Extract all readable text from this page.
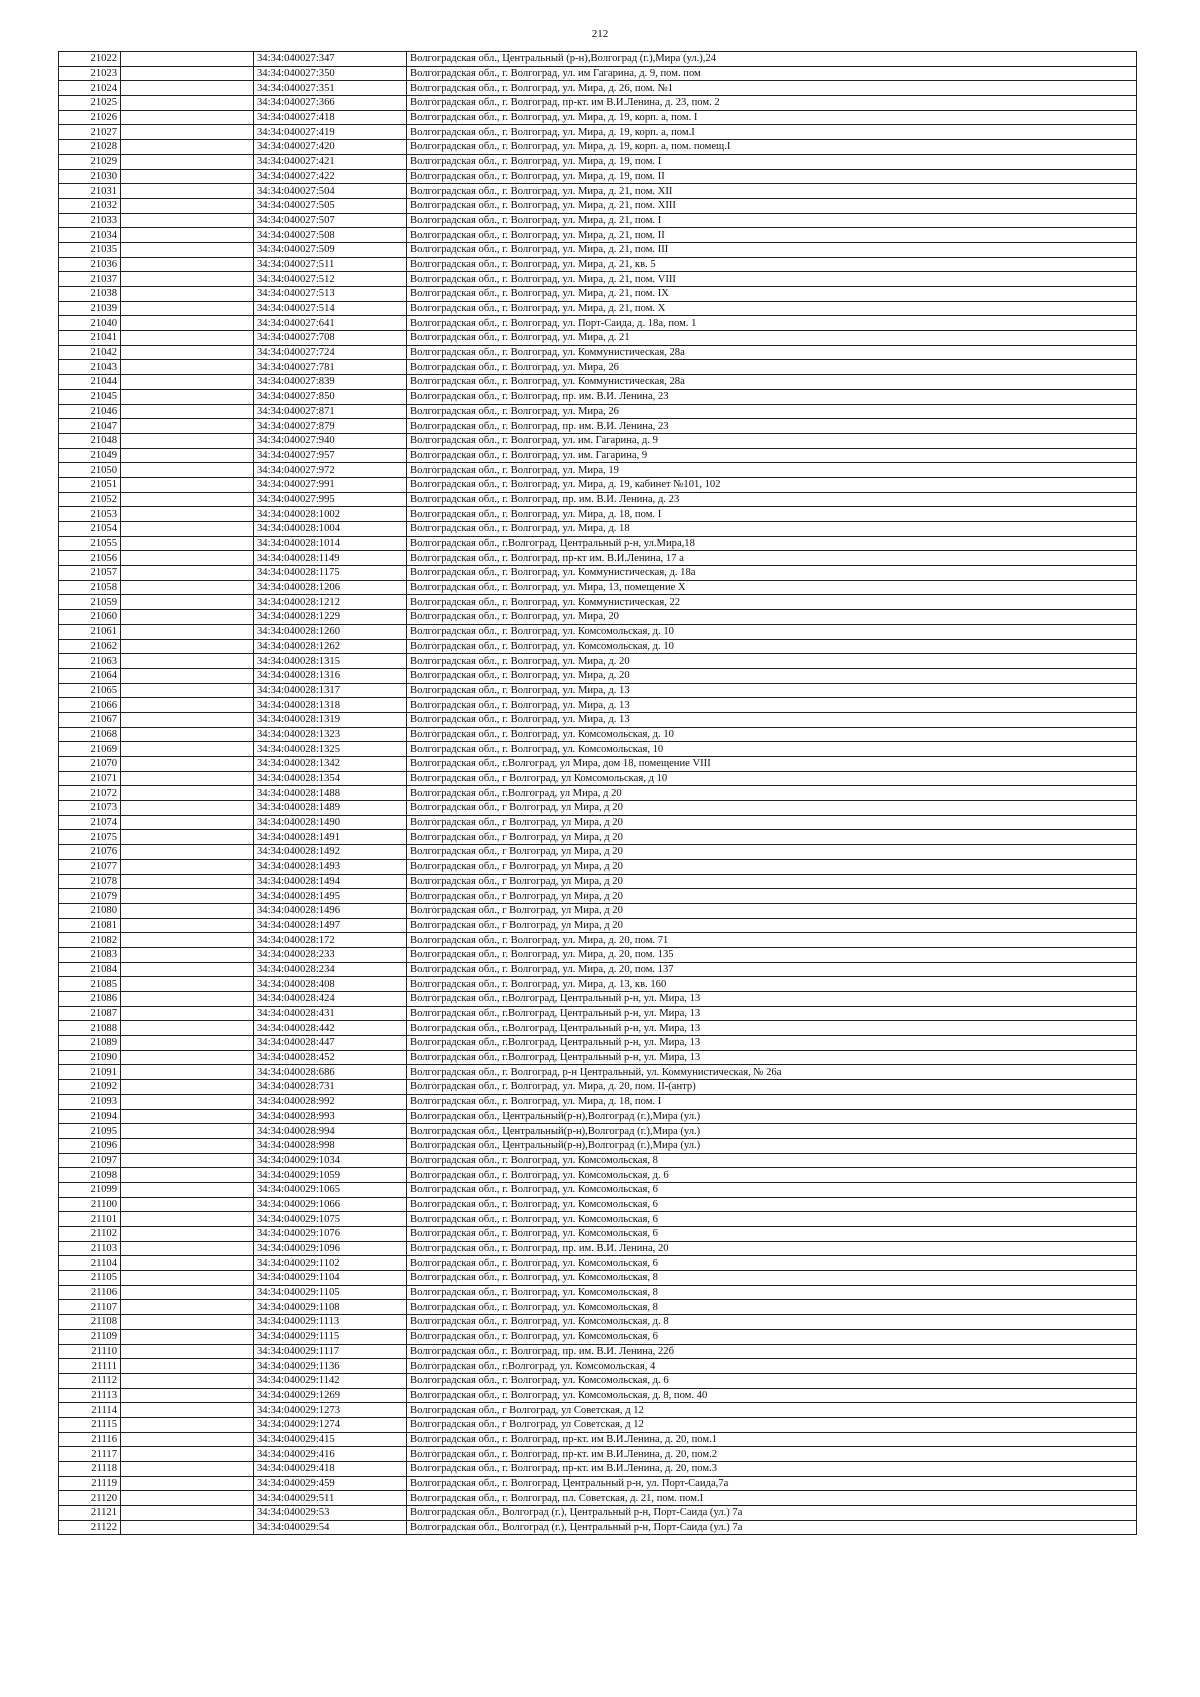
212
21022		34:34:040027:347	Волгоградская обл., Центральный (р-н),Волгоград (г.),Мира (ул.),24
21023		34:34:040027:350	Волгоградская обл., г. Волгоград, ул. им Гагарина, д. 9, пом. пом
21024		34:34:040027:351	Волгоградская обл., г. Волгоград, ул. Мира, д. 26, пом. №1
21025		34:34:040027:366	Волгоградская обл., г. Волгоград, пр-кт. им В.И.Ленина, д. 23, пом. 2
21026		34:34:040027:418	Волгоградская обл., г. Волгоград, ул. Мира, д. 19, корп. а, пом. I
21027		34:34:040027:419	Волгоградская обл., г. Волгоград, ул. Мира, д. 19, корп. а, пом.I
21028		34:34:040027:420	Волгоградская обл., г. Волгоград, ул. Мира, д. 19, корп. а, пом. помещ.I
21029		34:34:040027:421	Волгоградская обл., г. Волгоград, ул. Мира, д. 19, пом. I
21030		34:34:040027:422	Волгоградская обл., г. Волгоград, ул. Мира, д. 19, пом. II
21031		34:34:040027:504	Волгоградская обл., г. Волгоград, ул. Мира, д. 21, пом. XII
21032		34:34:040027:505	Волгоградская обл., г. Волгоград, ул. Мира, д. 21, пом. XIII
21033		34:34:040027:507	Волгоградская обл., г. Волгоград, ул. Мира, д. 21, пом. I
21034		34:34:040027:508	Волгоградская обл., г. Волгоград, ул. Мира, д. 21, пом. II
21035		34:34:040027:509	Волгоградская обл., г. Волгоград, ул. Мира, д. 21, пом. III
21036		34:34:040027:511	Волгоградская обл., г. Волгоград, ул. Мира, д. 21, кв. 5
21037		34:34:040027:512	Волгоградская обл., г. Волгоград, ул. Мира, д. 21, пом. VIII
21038		34:34:040027:513	Волгоградская обл., г. Волгоград, ул. Мира, д. 21, пом. IX
21039		34:34:040027:514	Волгоградская обл., г. Волгоград, ул. Мира, д. 21, пом. X
21040		34:34:040027:641	Волгоградская обл., г. Волгоград, ул. Порт-Саида, д. 18а, пом. 1
21041		34:34:040027:708	Волгоградская обл., г. Волгоград, ул. Мира, д. 21
21042		34:34:040027:724	Волгоградская обл., г. Волгоград, ул. Коммунистическая, 28а
21043		34:34:040027:781	Волгоградская обл., г. Волгоград, ул. Мира, 26
21044		34:34:040027:839	Волгоградская обл., г. Волгоград, ул. Коммунистическая, 28а
21045		34:34:040027:850	Волгоградская обл., г. Волгоград, пр. им. В.И. Ленина, 23
21046		34:34:040027:871	Волгоградская обл., г. Волгоград, ул. Мира, 26
21047		34:34:040027:879	Волгоградская обл., г. Волгоград, пр. им. В.И. Ленина, 23
21048		34:34:040027:940	Волгоградская обл., г. Волгоград, ул. им. Гагарина, д. 9
21049		34:34:040027:957	Волгоградская обл., г. Волгоград, ул. им. Гагарина, 9
21050		34:34:040027:972	Волгоградская обл., г. Волгоград, ул. Мира, 19
21051		34:34:040027:991	Волгоградская обл., г. Волгоград, ул. Мира, д. 19, кабинет №101, 102
21052		34:34:040027:995	Волгоградская обл., г. Волгоград, пр. им. В.И. Ленина, д. 23
21053		34:34:040028:1002	Волгоградская обл., г. Волгоград, ул. Мира, д. 18, пом. I
21054		34:34:040028:1004	Волгоградская обл., г. Волгоград, ул. Мира, д. 18
21055		34:34:040028:1014	Волгоградская обл., г.Волгоград, Центральный р-н, ул.Мира,18
21056		34:34:040028:1149	Волгоградская обл., г. Волгоград, пр-кт им. В.И.Ленина, 17 а
21057		34:34:040028:1175	Волгоградская обл., г. Волгоград, ул. Коммунистическая, д. 18а
21058		34:34:040028:1206	Волгоградская обл., г. Волгоград, ул. Мира, 13, помещение X
21059		34:34:040028:1212	Волгоградская обл., г. Волгоград, ул. Коммунистическая, 22
21060		34:34:040028:1229	Волгоградская обл., г. Волгоград, ул. Мира, 20
21061		34:34:040028:1260	Волгоградская обл., г. Волгоград, ул. Комсомольская, д. 10
21062		34:34:040028:1262	Волгоградская обл., г. Волгоград, ул. Комсомольская, д. 10
21063		34:34:040028:1315	Волгоградская обл., г. Волгоград, ул. Мира, д. 20
21064		34:34:040028:1316	Волгоградская обл., г. Волгоград, ул. Мира, д. 20
21065		34:34:040028:1317	Волгоградская обл., г. Волгоград, ул. Мира, д. 13
21066		34:34:040028:1318	Волгоградская обл., г. Волгоград, ул. Мира, д. 13
21067		34:34:040028:1319	Волгоградская обл., г. Волгоград, ул. Мира, д. 13
21068		34:34:040028:1323	Волгоградская обл., г. Волгоград, ул. Комсомольская, д. 10
21069		34:34:040028:1325	Волгоградская обл., г. Волгоград, ул. Комсомольская, 10
21070		34:34:040028:1342	Волгоградская обл., г.Волгоград, ул Мира, дом 18, помещение VIII
21071		34:34:040028:1354	Волгоградская обл., г Волгоград, ул Комсомольская, д 10
21072		34:34:040028:1488	Волгоградская обл., г.Волгоград, ул Мира, д 20
21073		34:34:040028:1489	Волгоградская обл., г Волгоград, ул Мира, д 20
21074		34:34:040028:1490	Волгоградская обл., г Волгоград, ул Мира, д 20
21075		34:34:040028:1491	Волгоградская обл., г Волгоград, ул Мира, д 20
21076		34:34:040028:1492	Волгоградская обл., г Волгоград, ул Мира, д 20
21077		34:34:040028:1493	Волгоградская обл., г Волгоград, ул Мира, д 20
21078		34:34:040028:1494	Волгоградская обл., г Волгоград, ул Мира, д 20
21079		34:34:040028:1495	Волгоградская обл., г Волгоград, ул Мира, д 20
21080		34:34:040028:1496	Волгоградская обл., г Волгоград, ул Мира, д 20
21081		34:34:040028:1497	Волгоградская обл., г Волгоград, ул Мира, д 20
21082		34:34:040028:172	Волгоградская обл., г. Волгоград, ул. Мира, д. 20, пом. 71
21083		34:34:040028:233	Волгоградская обл., г. Волгоград, ул. Мира, д. 20, пом. 135
21084		34:34:040028:234	Волгоградская обл., г. Волгоград, ул. Мира, д. 20, пом. 137
21085		34:34:040028:408	Волгоградская обл., г. Волгоград, ул. Мира, д. 13, кв. 160
21086		34:34:040028:424	Волгоградская обл., г.Волгоград, Центральный р-н, ул. Мира, 13
21087		34:34:040028:431	Волгоградская обл., г.Волгоград, Центральный р-н, ул. Мира, 13
21088		34:34:040028:442	Волгоградская обл., г.Волгоград, Центральный р-н, ул. Мира, 13
21089		34:34:040028:447	Волгоградская обл., г.Волгоград, Центральный р-н, ул. Мира, 13
21090		34:34:040028:452	Волгоградская обл., г.Волгоград, Центральный р-н, ул. Мира, 13
21091		34:34:040028:686	Волгоградская обл., г. Волгоград, р-н Центральный, ул. Коммунистическая, № 26а
21092		34:34:040028:731	Волгоградская обл., г. Волгоград, ул. Мира, д. 20, пом. II-(антр)
21093		34:34:040028:992	Волгоградская обл., г. Волгоград, ул. Мира, д. 18, пом. I
21094		34:34:040028:993	Волгоградская обл., Центральный(р-н),Волгоград (г.),Мира (ул.)
21095		34:34:040028:994	Волгоградская обл., Центральный(р-н),Волгоград (г.),Мира (ул.)
21096		34:34:040028:998	Волгоградская обл., Центральный(р-н),Волгоград (г.),Мира (ул.)
21097		34:34:040029:1034	Волгоградская обл., г. Волгоград, ул. Комсомольская, 8
21098		34:34:040029:1059	Волгоградская обл., г. Волгоград, ул. Комсомольская, д. 6
21099		34:34:040029:1065	Волгоградская обл., г. Волгоград, ул. Комсомольская, 6
21100		34:34:040029:1066	Волгоградская обл., г. Волгоград, ул. Комсомольская, 6
21101		34:34:040029:1075	Волгоградская обл., г. Волгоград, ул. Комсомольская, 6
21102		34:34:040029:1076	Волгоградская обл., г. Волгоград, ул. Комсомольская, 6
21103		34:34:040029:1096	Волгоградская обл., г. Волгоград, пр. им. В.И. Ленина, 20
21104		34:34:040029:1102	Волгоградская обл., г. Волгоград, ул. Комсомольская, 6
21105		34:34:040029:1104	Волгоградская обл., г. Волгоград, ул. Комсомольская, 8
21106		34:34:040029:1105	Волгоградская обл., г. Волгоград, ул. Комсомольская, 8
21107		34:34:040029:1108	Волгоградская обл., г. Волгоград, ул. Комсомольская, 8
21108		34:34:040029:1113	Волгоградская обл., г. Волгоград, ул. Комсомольская, д. 8
21109		34:34:040029:1115	Волгоградская обл., г. Волгоград, ул. Комсомольская, 6
21110		34:34:040029:1117	Волгоградская обл., г. Волгоград, пр. им. В.И. Ленина, 22б
21111		34:34:040029:1136	Волгоградская обл., г.Волгоград, ул. Комсомольская, 4
21112		34:34:040029:1142	Волгоградская обл., г. Волгоград, ул. Комсомольская, д. 6
21113		34:34:040029:1269	Волгоградская обл., г. Волгоград, ул. Комсомольская, д. 8, пом. 40
21114		34:34:040029:1273	Волгоградская обл., г Волгоград, ул Советская, д 12
21115		34:34:040029:1274	Волгоградская обл., г Волгоград, ул Советская, д 12
21116		34:34:040029:415	Волгоградская обл., г. Волгоград, пр-кт. им В.И.Ленина, д. 20, пом.1
21117		34:34:040029:416	Волгоградская обл., г. Волгоград, пр-кт. им В.И.Ленина, д. 20, пом.2
21118		34:34:040029:418	Волгоградская обл., г. Волгоград, пр-кт. им В.И.Ленина, д. 20, пом.3
21119		34:34:040029:459	Волгоградская обл., г. Волгоград, Центральный р-н, ул. Порт-Саида,7а
21120		34:34:040029:511	Волгоградская обл., г. Волгоград, пл. Советская, д. 21, пом. пом.I
21121		34:34:040029:53	Волгоградская обл., Волгоград (г.), Центральный р-н, Порт-Саида (ул.) 7а
21122		34:34:040029:54	Волгоградская обл., Волгоград (г.), Центральный р-н, Порт-Саида (ул.) 7а
